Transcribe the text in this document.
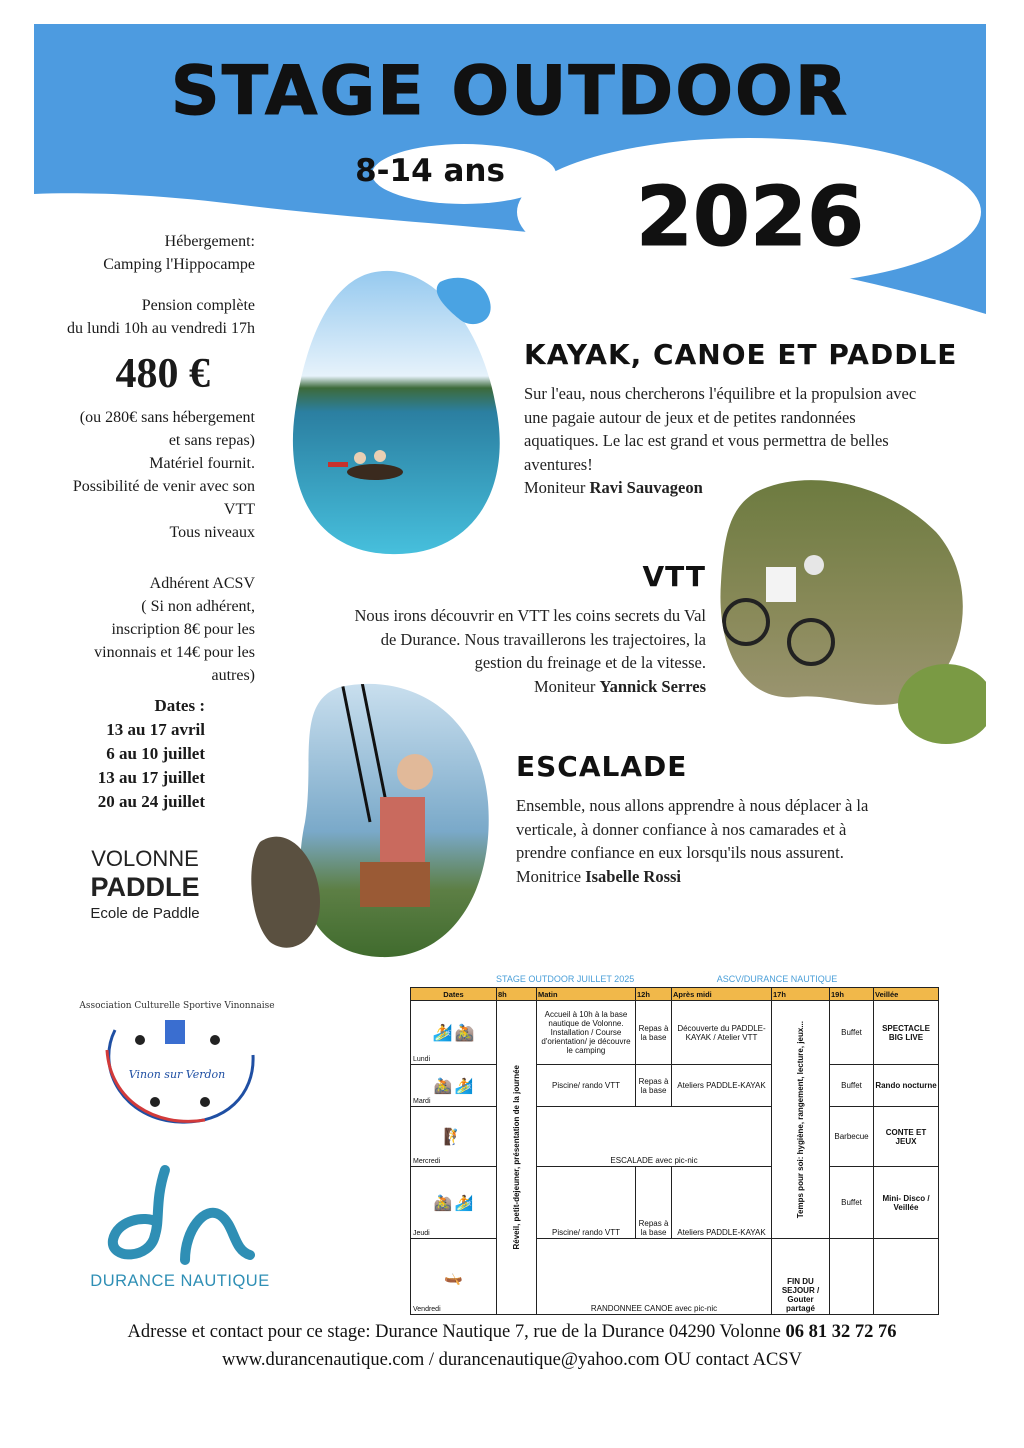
STAGE OUTDOOR
8-14 ans	2026
Hébergement:
Camping l'Hippocampe
Pension complète
du lundi 10h au vendredi 17h
480 €
(ou 280€ sans hébergement
et sans repas)
Matériel fournit.
Possibilité de venir avec son
VTT
Tous niveaux
Adhérent ACSV
( Si non adhérent,
inscription 8€ pour les
vinonnais et 14€ pour les
autres)
Dates :
13 au 17 avril
6 au 10 juillet
13 au 17 juillet
20 au 24 juillet
VOLONNE
PADDLE
Ecole de Paddle
KAYAK, CANOE ET PADDLE
Sur l'eau, nous chercherons l'équilibre et la propulsion avec
une pagaie autour de jeux et de petites randonnées
aquatiques. Le lac est grand et vous permettra de belles
aventures!
Moniteur Ravi Sauvageon
VTT
Nous irons découvrir en VTT les coins secrets du Val
de Durance. Nous travaillerons les trajectoires, la
gestion du freinage et de la vitesse.
Moniteur Yannick Serres
ESCALADE
Ensemble, nous allons apprendre à nous déplacer à la
verticale, à donner confiance à nos camarades et à
prendre confiance en eux lorsqu'ils nous assurent.
Monitrice Isabelle Rossi
Association Culturelle Sportive Vinonnaise
Vinon sur Verdon
DURANCE NAUTIQUE
STAGE OUTDOOR JUILLET 2025	ASCV/DURANCE NAUTIQUE
Dates	8h	Matin	12h	Après midi	17h	19h	Veillée
🏄 🚵
Lundi	Réveil, petit-dejeuner, présentation de la journée	Accueil à 10h à la base nautique de Volonne. Installation / Course d'orientation/ je découvre le camping	Repas à la base	Découverte du PADDLE-KAYAK / Atelier VTT	Temps pour soi: hygiène, rangement, lecture, jeux...	Buffet	SPECTACLE BIG LIVE
🚵 🏄
Mardi		Piscine/ rando VTT	Repas à la base	Ateliers PADDLE-KAYAK		Buffet	Rando nocturne
🧗
Mercredi		ESCALADE avec pic-nic				Barbecue	CONTE ET JEUX
🚵 🏄
Jeudi		Piscine/ rando VTT	Repas à la base	Ateliers PADDLE-KAYAK		Buffet	Mini- Disco / Veillée
🛶
Vendredi		RANDONNEE CANOE avec pic-nic			FIN DU SEJOUR / Gouter partagé		
Adresse et contact pour ce stage: Durance Nautique 7, rue de la Durance 04290 Volonne 06 81 32 72 76
www.durancenautique.com / durancenautique@yahoo.com OU contact ACSV
